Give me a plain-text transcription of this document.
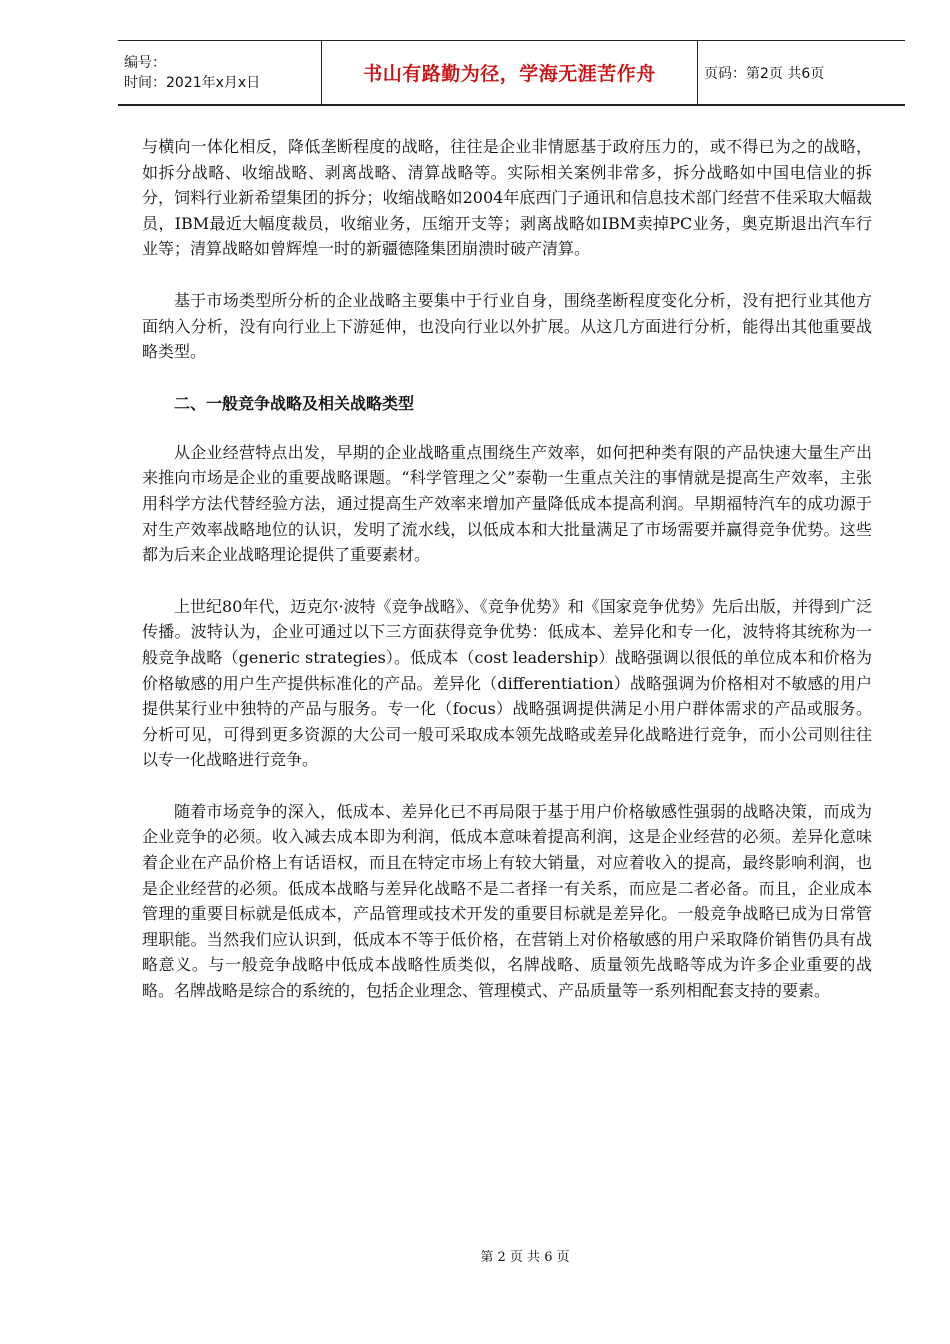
编号：
时间：2021年x月x日	书山有路勤为径，学海无涯苦作舟	页码：第2页 共6页

与横向一体化相反，降低垄断程度的战略，往往是企业非情愿基于政府压力的，或不得已为之的战略，如拆分战略、收缩战略、剥离战略、清算战略等。实际相关案例非常多，拆分战略如中国电信业的拆分，饲料行业新希望集团的拆分；收缩战略如2004年底西门子通讯和信息技术部门经营不佳采取大幅裁员，IBM最近大幅度裁员，收缩业务，压缩开支等；剥离战略如IBM卖掉PC业务，奥克斯退出汽车行业等；清算战略如曾辉煌一时的新疆德隆集团崩溃时破产清算。

基于市场类型所分析的企业战略主要集中于行业自身，围绕垄断程度变化分析，没有把行业其他方面纳入分析，没有向行业上下游延伸，也没向行业以外扩展。从这几方面进行分析，能得出其他重要战略类型。

二、一般竞争战略及相关战略类型

从企业经营特点出发，早期的企业战略重点围绕生产效率，如何把种类有限的产品快速大量生产出来推向市场是企业的重要战略课题。“科学管理之父”泰勒一生重点关注的事情就是提高生产效率，主张用科学方法代替经验方法，通过提高生产效率来增加产量降低成本提高利润。早期福特汽车的成功源于对生产效率战略地位的认识，发明了流水线，以低成本和大批量满足了市场需要并赢得竞争优势。这些都为后来企业战略理论提供了重要素材。

上世纪80年代，迈克尔·波特《竞争战略》、《竞争优势》和《国家竞争优势》先后出版，并得到广泛传播。波特认为，企业可通过以下三方面获得竞争优势：低成本、差异化和专一化，波特将其统称为一般竞争战略（generic strategies）。低成本（cost leadership）战略强调以很低的单位成本和价格为价格敏感的用户生产提供标准化的产品。差异化（differentiation）战略强调为价格相对不敏感的用户提供某行业中独特的产品与服务。专一化（focus）战略强调提供满足小用户群体需求的产品或服务。分析可见，可得到更多资源的大公司一般可采取成本领先战略或差异化战略进行竞争，而小公司则往往以专一化战略进行竞争。

随着市场竞争的深入，低成本、差异化已不再局限于基于用户价格敏感性强弱的战略决策，而成为企业竞争的必须。收入减去成本即为利润，低成本意味着提高利润，这是企业经营的必须。差异化意味着企业在产品价格上有话语权，而且在特定市场上有较大销量，对应着收入的提高，最终影响利润，也是企业经营的必须。低成本战略与差异化战略不是二者择一有关系，而应是二者必备。而且，企业成本管理的重要目标就是低成本，产品管理或技术开发的重要目标就是差异化。一般竞争战略已成为日常管理职能。当然我们应认识到，低成本不等于低价格，在营销上对价格敏感的用户采取降价销售仍具有战略意义。与一般竞争战略中低成本战略性质类似，名牌战略、质量领先战略等成为许多企业重要的战略。名牌战略是综合的系统的，包括企业理念、管理模式、产品质量等一系列相配套支持的要素。

第 2 页 共 6 页
